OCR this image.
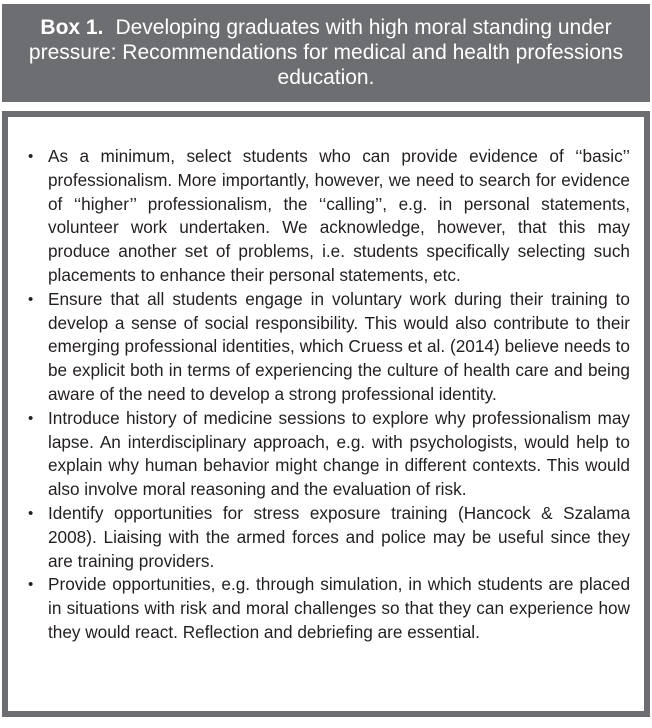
Box 1. Developing graduates with high moral standing under pressure: Recommendations for medical and health professions education.
• As a minimum, select students who can provide evidence of ‘‘basic’’ professionalism. More importantly, however, we need to search for evidence of ‘‘higher’’ professionalism, the ‘‘calling’’, e.g. in personal statements, volunteer work undertaken. We acknowledge, however, that this may produce another set of problems, i.e. students specifically selecting such placements to enhance their personal statements, etc.
• Ensure that all students engage in voluntary work during their training to develop a sense of social responsibility. This would also contribute to their emerging professional identities, which Cruess et al. (2014) believe needs to be explicit both in terms of experiencing the culture of health care and being aware of the need to develop a strong professional identity.
• Introduce history of medicine sessions to explore why professionalism may lapse. An interdisciplinary approach, e.g. with psychologists, would help to explain why human behavior might change in different contexts. This would also involve moral reasoning and the evaluation of risk.
• Identify opportunities for stress exposure training (Hancock & Szalama 2008). Liaising with the armed forces and police may be useful since they are training providers.
• Provide opportunities, e.g. through simulation, in which students are placed in situations with risk and moral challenges so that they can experience how they would react. Reflection and debriefing are essential.
